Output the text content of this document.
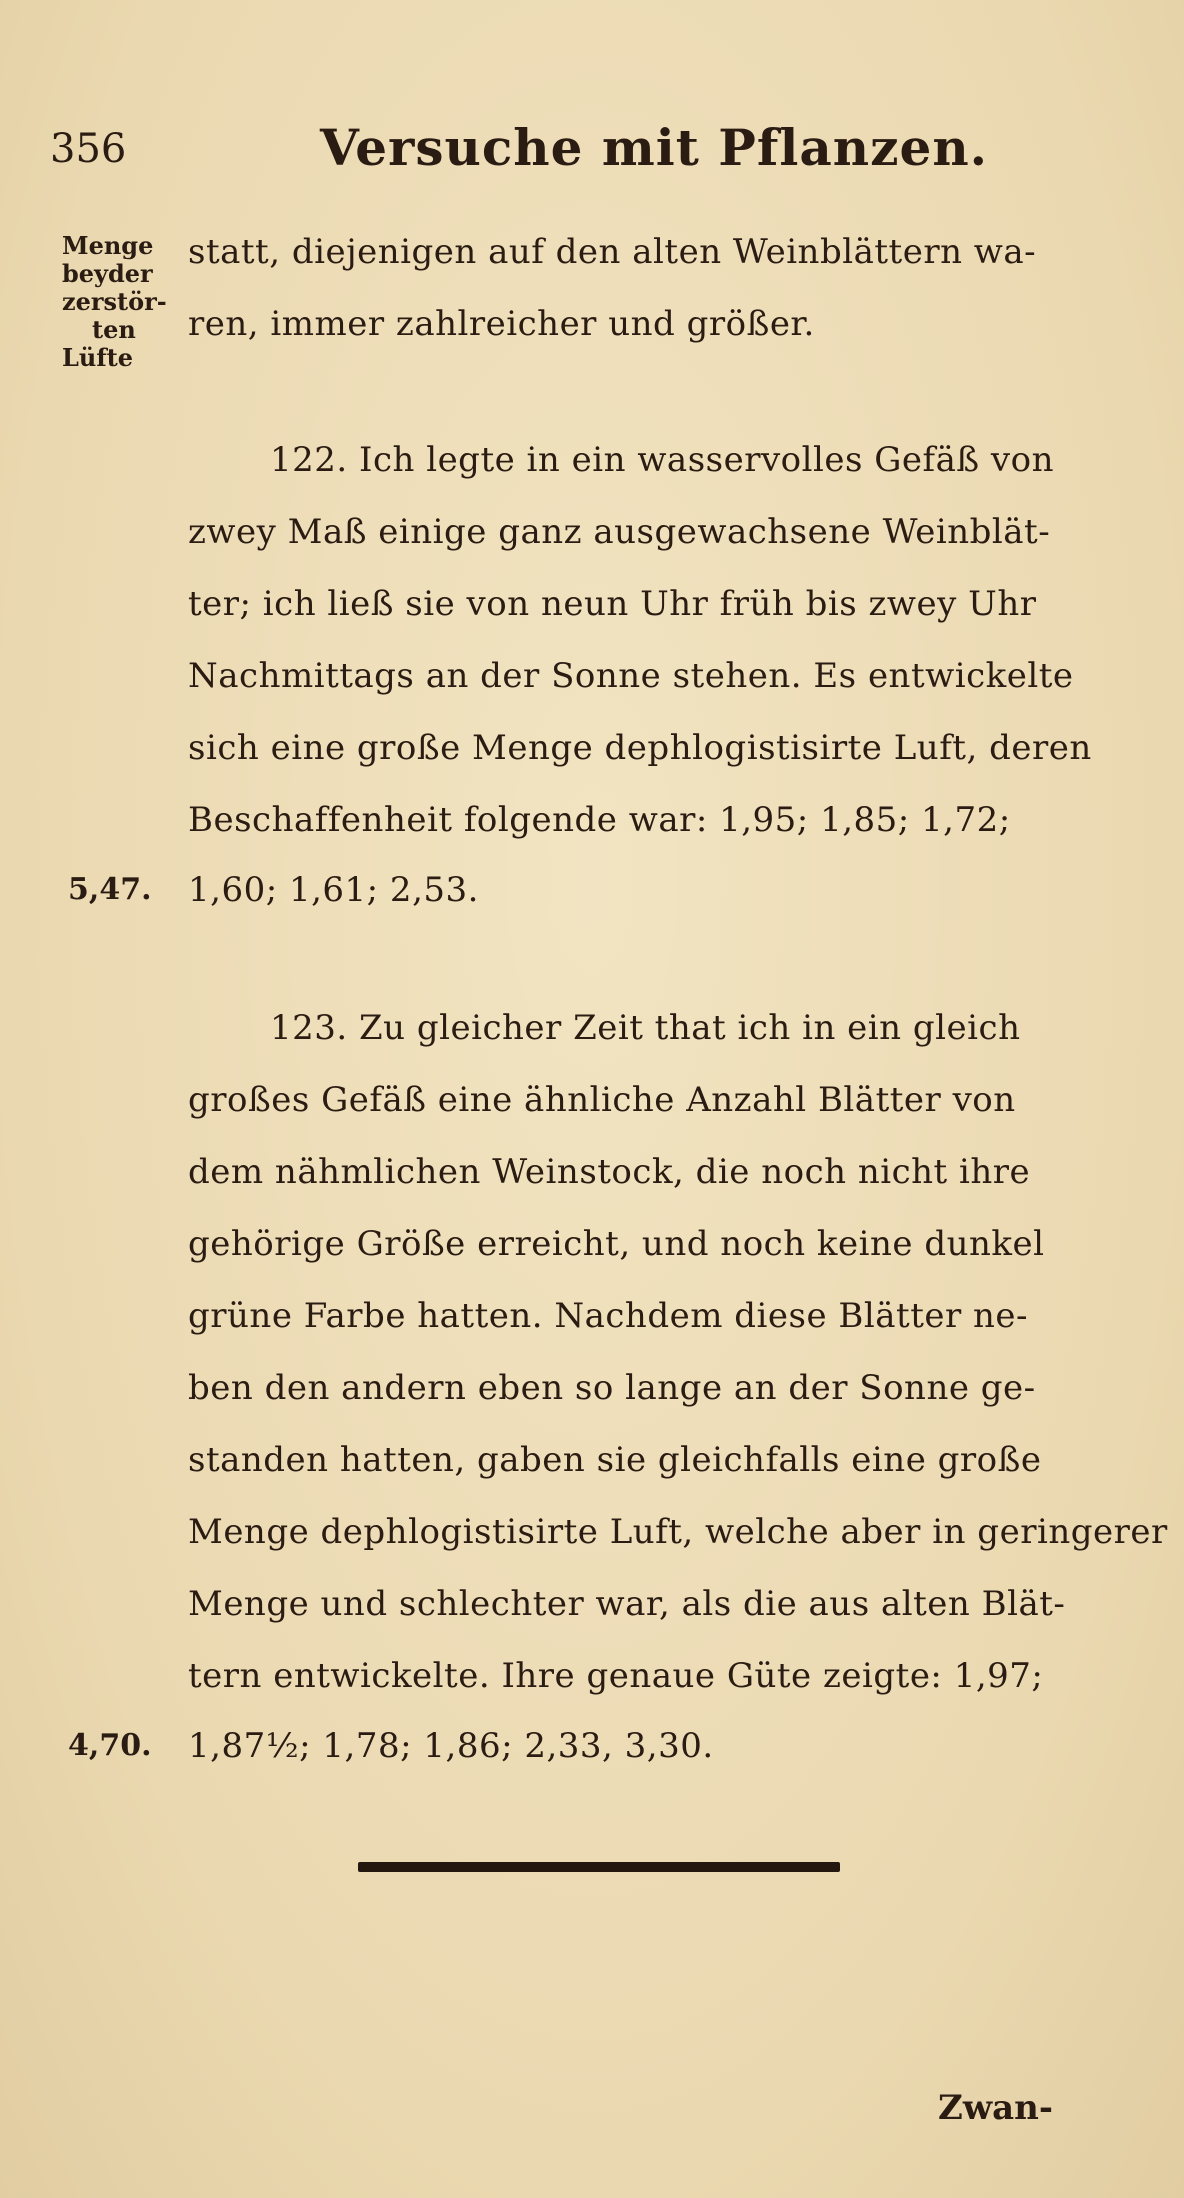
356	Versuche mit Pflanzen.
Menge
beyder
zerstör-
ten
Lüfte
statt, diejenigen auf den alten Weinblättern wa-
ren, immer zahlreicher und größer.
122. Ich legte in ein wasservolles Gefäß von
zwey Maß einige ganz ausgewachsene Weinblät-
ter; ich ließ sie von neun Uhr früh bis zwey Uhr
Nachmittags an der Sonne stehen. Es entwickelte
sich eine große Menge dephlogistisirte Luft, deren
Beschaffenheit folgende war: 1,95; 1,85; 1,72;
5,47. 1,60; 1,61; 2,53.
123. Zu gleicher Zeit that ich in ein gleich
großes Gefäß eine ähnliche Anzahl Blätter von
dem nähmlichen Weinstock, die noch nicht ihre
gehörige Größe erreicht, und noch keine dunkel
grüne Farbe hatten. Nachdem diese Blätter ne-
ben den andern eben so lange an der Sonne ge-
standen hatten, gaben sie gleichfalls eine große
Menge dephlogistisirte Luft, welche aber in geringerer
Menge und schlechter war, als die aus alten Blät-
tern entwickelte. Ihre genaue Güte zeigte: 1,97;
4,70. 1,87½; 1,78; 1,86; 2,33, 3,30.
Zwan-
